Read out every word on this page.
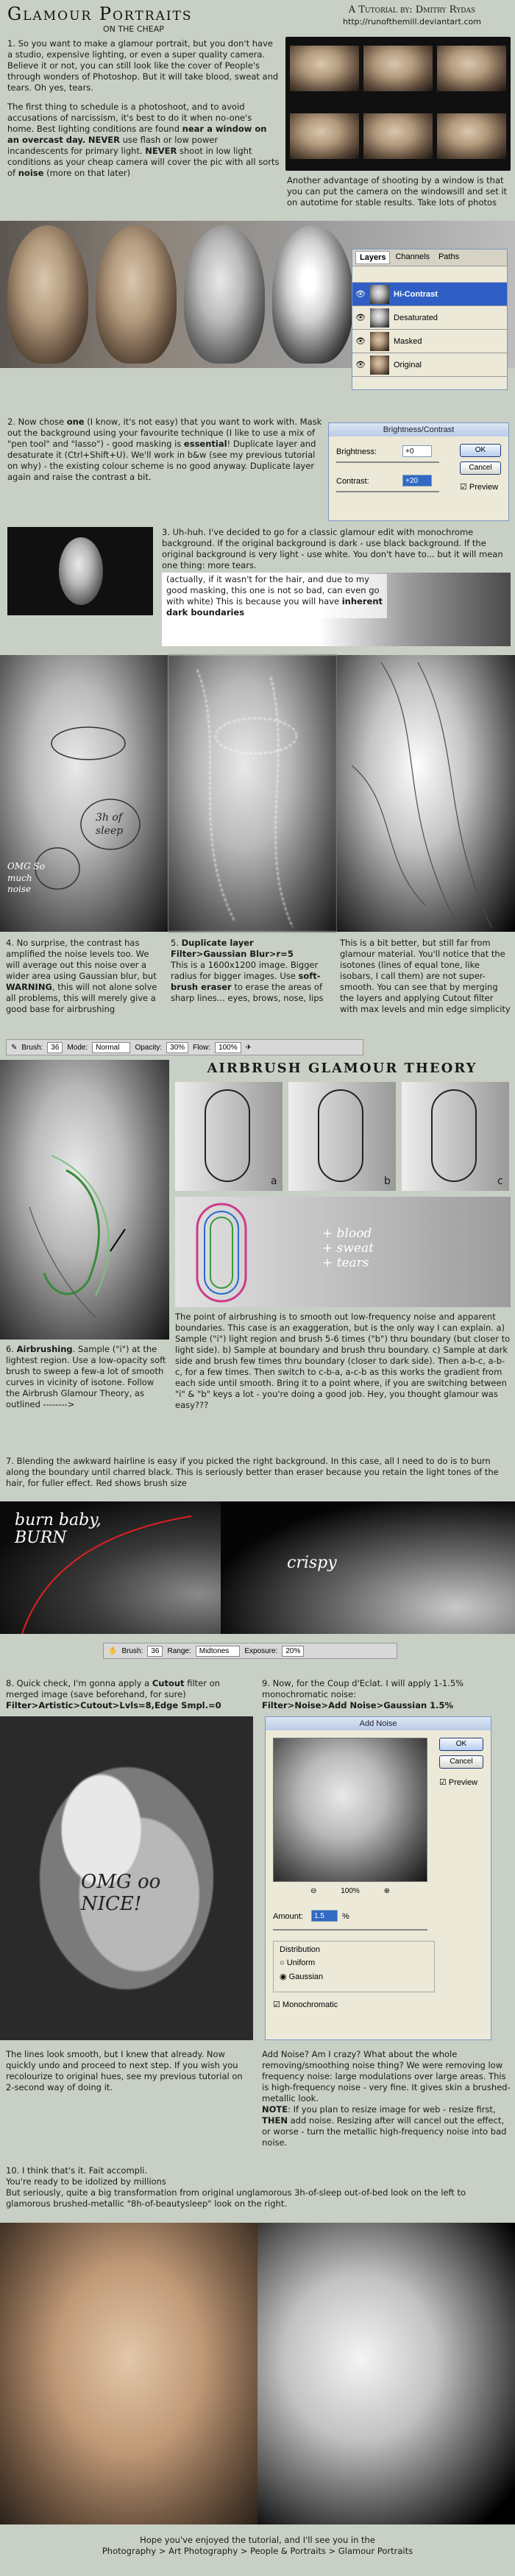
Glamour Portraits
ON THE CHEAP
A Tutorial by: Dmitry Rydas
http://runofthemill.deviantart.com
1. So you want to make a glamour portrait, but you don't have a studio, expensive lighting, or even a super quality camera. Believe it or not, you can still look like the cover of People's through wonders of Photoshop. But it will take blood, sweat and tears. Oh yes, tears.
The first thing to schedule is a photoshoot, and to avoid accusations of narcissism, it's best to do it when no-one's home. Best lighting conditions are found near a window on an overcast day. NEVER use flash or low power incandescents for primary light. NEVER shoot in low light conditions as your cheap camera will cover the pic with all sorts of noise (more on that later)
Another advantage of shooting by a window is that you can put the camera on the windowsill and set it on autotime for stable results. Take lots of photos
Layers	Channels	Paths
👁	Hi-Contrast
👁	Desaturated
👁	Masked
👁	Original
2. Now chose one (I know, it's not easy) that you want to work with. Mask out the background using your favourite technique (I like to use a mix of "pen tool" and "lasso") - good masking is essential! Duplicate layer and desaturate it (Ctrl+Shift+U). We'll work in b&w (see my previous tutorial on why) - the existing colour scheme is no good anyway. Duplicate layer again and raise the contrast a bit.
Brightness/Contrast
Brightness:	+0
Contrast:	+20
OK
Cancel
☑ Preview
3. Uh-huh. I've decided to go for a classic glamour edit with monochrome background. If the original background is dark - use black background. If the original background is very light - use white. You don't have to... but it will mean one thing: more tears.
(actually, if it wasn't for the hair, and due to my good masking, this one is not so bad, can even go with white) This is because you will have inherent dark boundaries
3h of sleep
OMG So much noise
4. No surprise, the contrast has amplified the noise levels too. We will average out this noise over a wider area using Gaussian blur, but WARNING, this will not alone solve all problems, this will merely give a good base for airbrushing
5. Duplicate layer
Filter>Gaussian Blur>r=5
This is a 1600x1200 image. Bigger radius for bigger images. Use soft-brush eraser to erase the areas of sharp lines... eyes, brows, nose, lips
This is a bit better, but still far from glamour material. You'll notice that the isotones (lines of equal tone, like isobars, I call them) are not super-smooth. You can see that by merging the layers and applying Cutout filter with max levels and min edge simplicity
✎ Brush:	36	Mode:	Normal	Opacity:	30%	Flow:	100%	✈
AIRBRUSH GLAMOUR THEORY
a	b	c
+ blood
+ sweat
+ tears
6. Airbrushing. Sample ("i") at the lightest region. Use a low-opacity soft brush to sweep a few-a lot of smooth curves in vicinity of isotone. Follow the Airbrush Glamour Theory, as outlined -------->
The point of airbrushing is to smooth out low-frequency noise and apparent boundaries. This case is an exaggeration, but is the only way I can explain. a) Sample ("i") light region and brush 5-6 times ("b") thru boundary (but closer to light side). b) Sample at boundary and brush thru boundary. c) Sample at dark side and brush few times thru boundary (closer to dark side). Then a-b-c, a-b-c, for a few times. Then switch to c-b-a, a-c-b as this works the gradient from each side until smooth. Bring it to a point where, if you are switching between "i" & "b" keys a lot - you're doing a good job. Hey, you thought glamour was easy???
7. Blending the awkward hairline is easy if you picked the right background. In this case, all I need to do is to burn along the boundary until charred black. This is seriously better than eraser because you retain the light tones of the hair, for fuller effect. Red shows brush size
burn baby, BURN
crispy
✋ Brush:	36	Range:	Midtones	Exposure:	20%
8. Quick check, I'm gonna apply a Cutout filter on merged image (save beforehand, for sure)
Filter>Artistic>Cutout>Lvls=8,Edge Smpl.=0
OMG oo NICE!
The lines look smooth, but I knew that already. Now quickly undo and proceed to next step. If you wish you recolourize to original hues, see my previous tutorial on 2-second way of doing it.
9. Now, for the Coup d'Eclat. I will apply 1-1.5% monochromatic noise:
Filter>Noise>Add Noise>Gaussian 1.5%
Add Noise
OK
Cancel
☑ Preview
⊖	100%	⊕
Amount:	1.5	%
Distribution
○ Uniform
◉ Gaussian
☑ Monochromatic
Add Noise? Am I crazy? What about the whole removing/smoothing noise thing? We were removing low frequency noise: large modulations over large areas. This is high-frequency noise - very fine. It gives skin a brushed-metallic look.
NOTE: If you plan to resize image for web - resize first, THEN add noise. Resizing after will cancel out the effect, or worse - turn the metallic high-frequency noise into bad noise.
10. I think that's it. Fait accompli.
You're ready to be idolized by millions
But seriously, quite a big transformation from original unglamorous 3h-of-sleep out-of-bed look on the left to glamorous brushed-metallic "8h-of-beautysleep" look on the right.
Hope you've enjoyed the tutorial, and I'll see you in the
Photography > Art Photography > People & Portraits > Glamour Portraits
